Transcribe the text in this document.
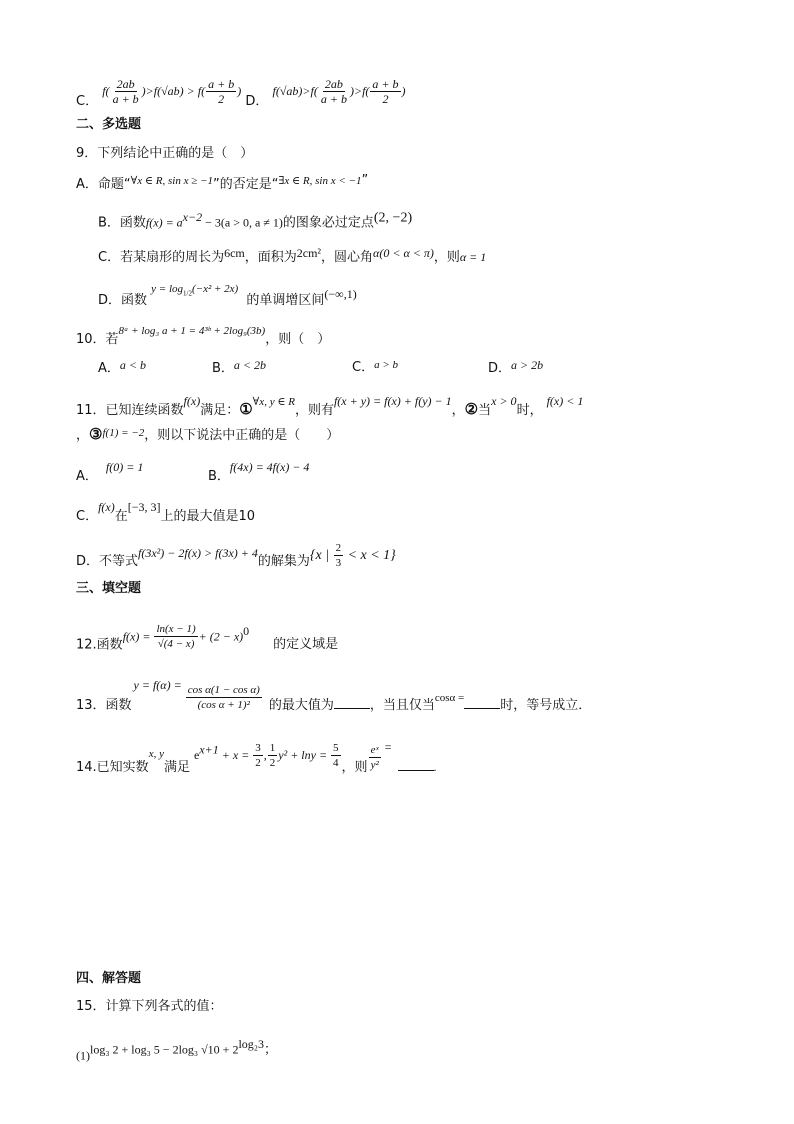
C． $f( \frac{2ab}{a + b} )>f(√ab) > f( \frac{a + b}{2}$ ) D． $f(√ab)>f( \frac{2ab}{a + b} )>f( \frac{a + b}{2}$ )
二、多选题
9．下列结论中正确的是（　）
A．命题“$^{\forall x \in R, sin x \ge -1}$”的否定是“$^{\exists x \in R, sin x < -1}$”
B．函数$f(x) = a^{x-2} - 3(a > 0$, a ≠ 1)的图象必过定点(2, −2)
C．若某扇形的周长为6cm，面积为2cm²，圆心角α(0 < α < π)，则α = 1
D．函数 $y = \log_{1/2}(-x^2 + 2x)$ 的单调增区间(−∞,1)
10．若$^{8ᵃ + log_3 a + 1 = 4^3ᵇ + 2log_9(3b)}$，则（　）
A．a < b	B．a < 2b	C．$^{a > b}$	D．a > 2b
11．已知连续函数f(x)满足：①$^{\forall x, y \in R}$，则有f(x + y) = f(x) + f(y) − 1，②当x > 0时，f(x) < 1
，③$^{f(1) = -2}$，则以下说法中正确的是（　　）
A．f(0) = 1
B．f(4x) = 4f(x) − 4
C．f(x)在[−3, 3]上的最大值是10
D．不等式f(3x²) − 2f(x) > f(3x) + 4的解集为{x | $\frac{2}{3} < x < 1$}
三、填空题
12.函数$f(x) = \frac{\ln(x - 1)}{√(4 - x)} + (2 - x)^0$的定义域是
13．函数$y = f(\alpha) = \frac{\text{cos α(1 − cos α)}}{\text{(cos α + 1)²}}$ 的最大值为	，当且仅当$_{cos\alpha =}$	时，等号成立．
14.已知实数x, y满足$e^{x+1} + x = \frac{3}{2}$ , $\frac{1}{2} y^2 + \ln y = \frac{5}{4}$ ，则 $\frac{\text{eˣ}}{\text{y²}}$ =.
四、解答题
15．计算下列各式的值：
(1)log₃ 2 + log₃ 5 − 2log₃ $√10 + 2^{log_23}$；
